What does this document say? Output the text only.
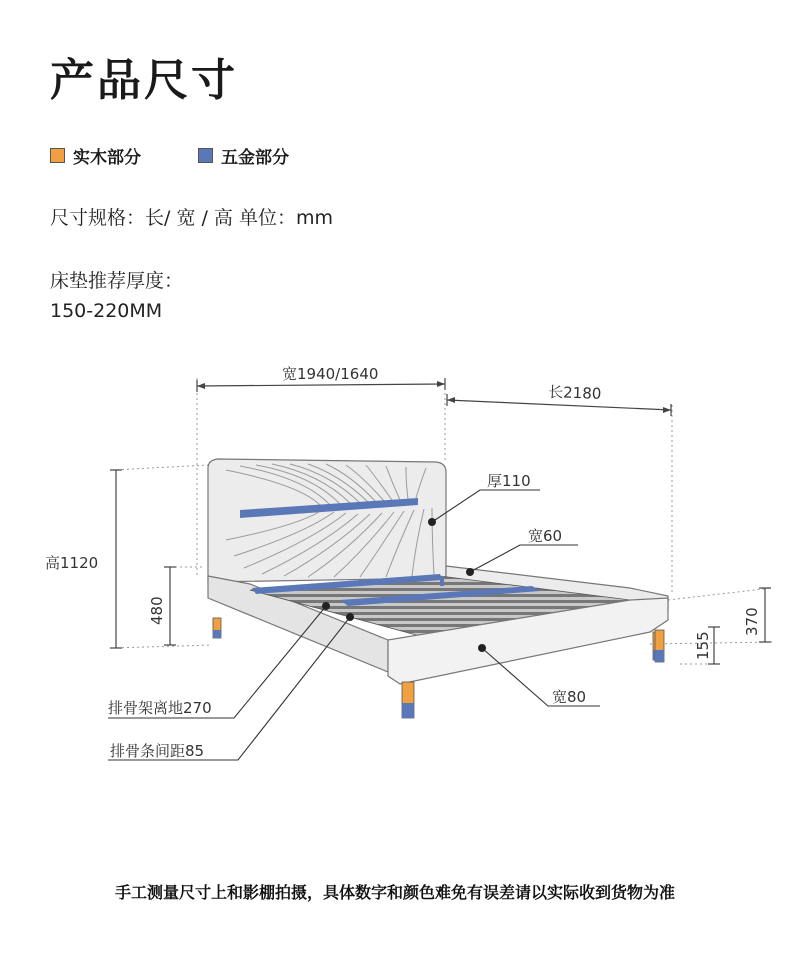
产品尺寸
实木部分	五金部分
尺寸规格：长/ 宽 / 高 单位：mm
床垫推荐厚度：
150-220MM
宽1940/1640
长2180
高1120
480
厚110
宽60
宽80
370
155
排骨架离地270
排骨条间距85
手工测量尺寸上和影棚拍摄，具体数字和颜色难免有误差请以实际收到货物为准
